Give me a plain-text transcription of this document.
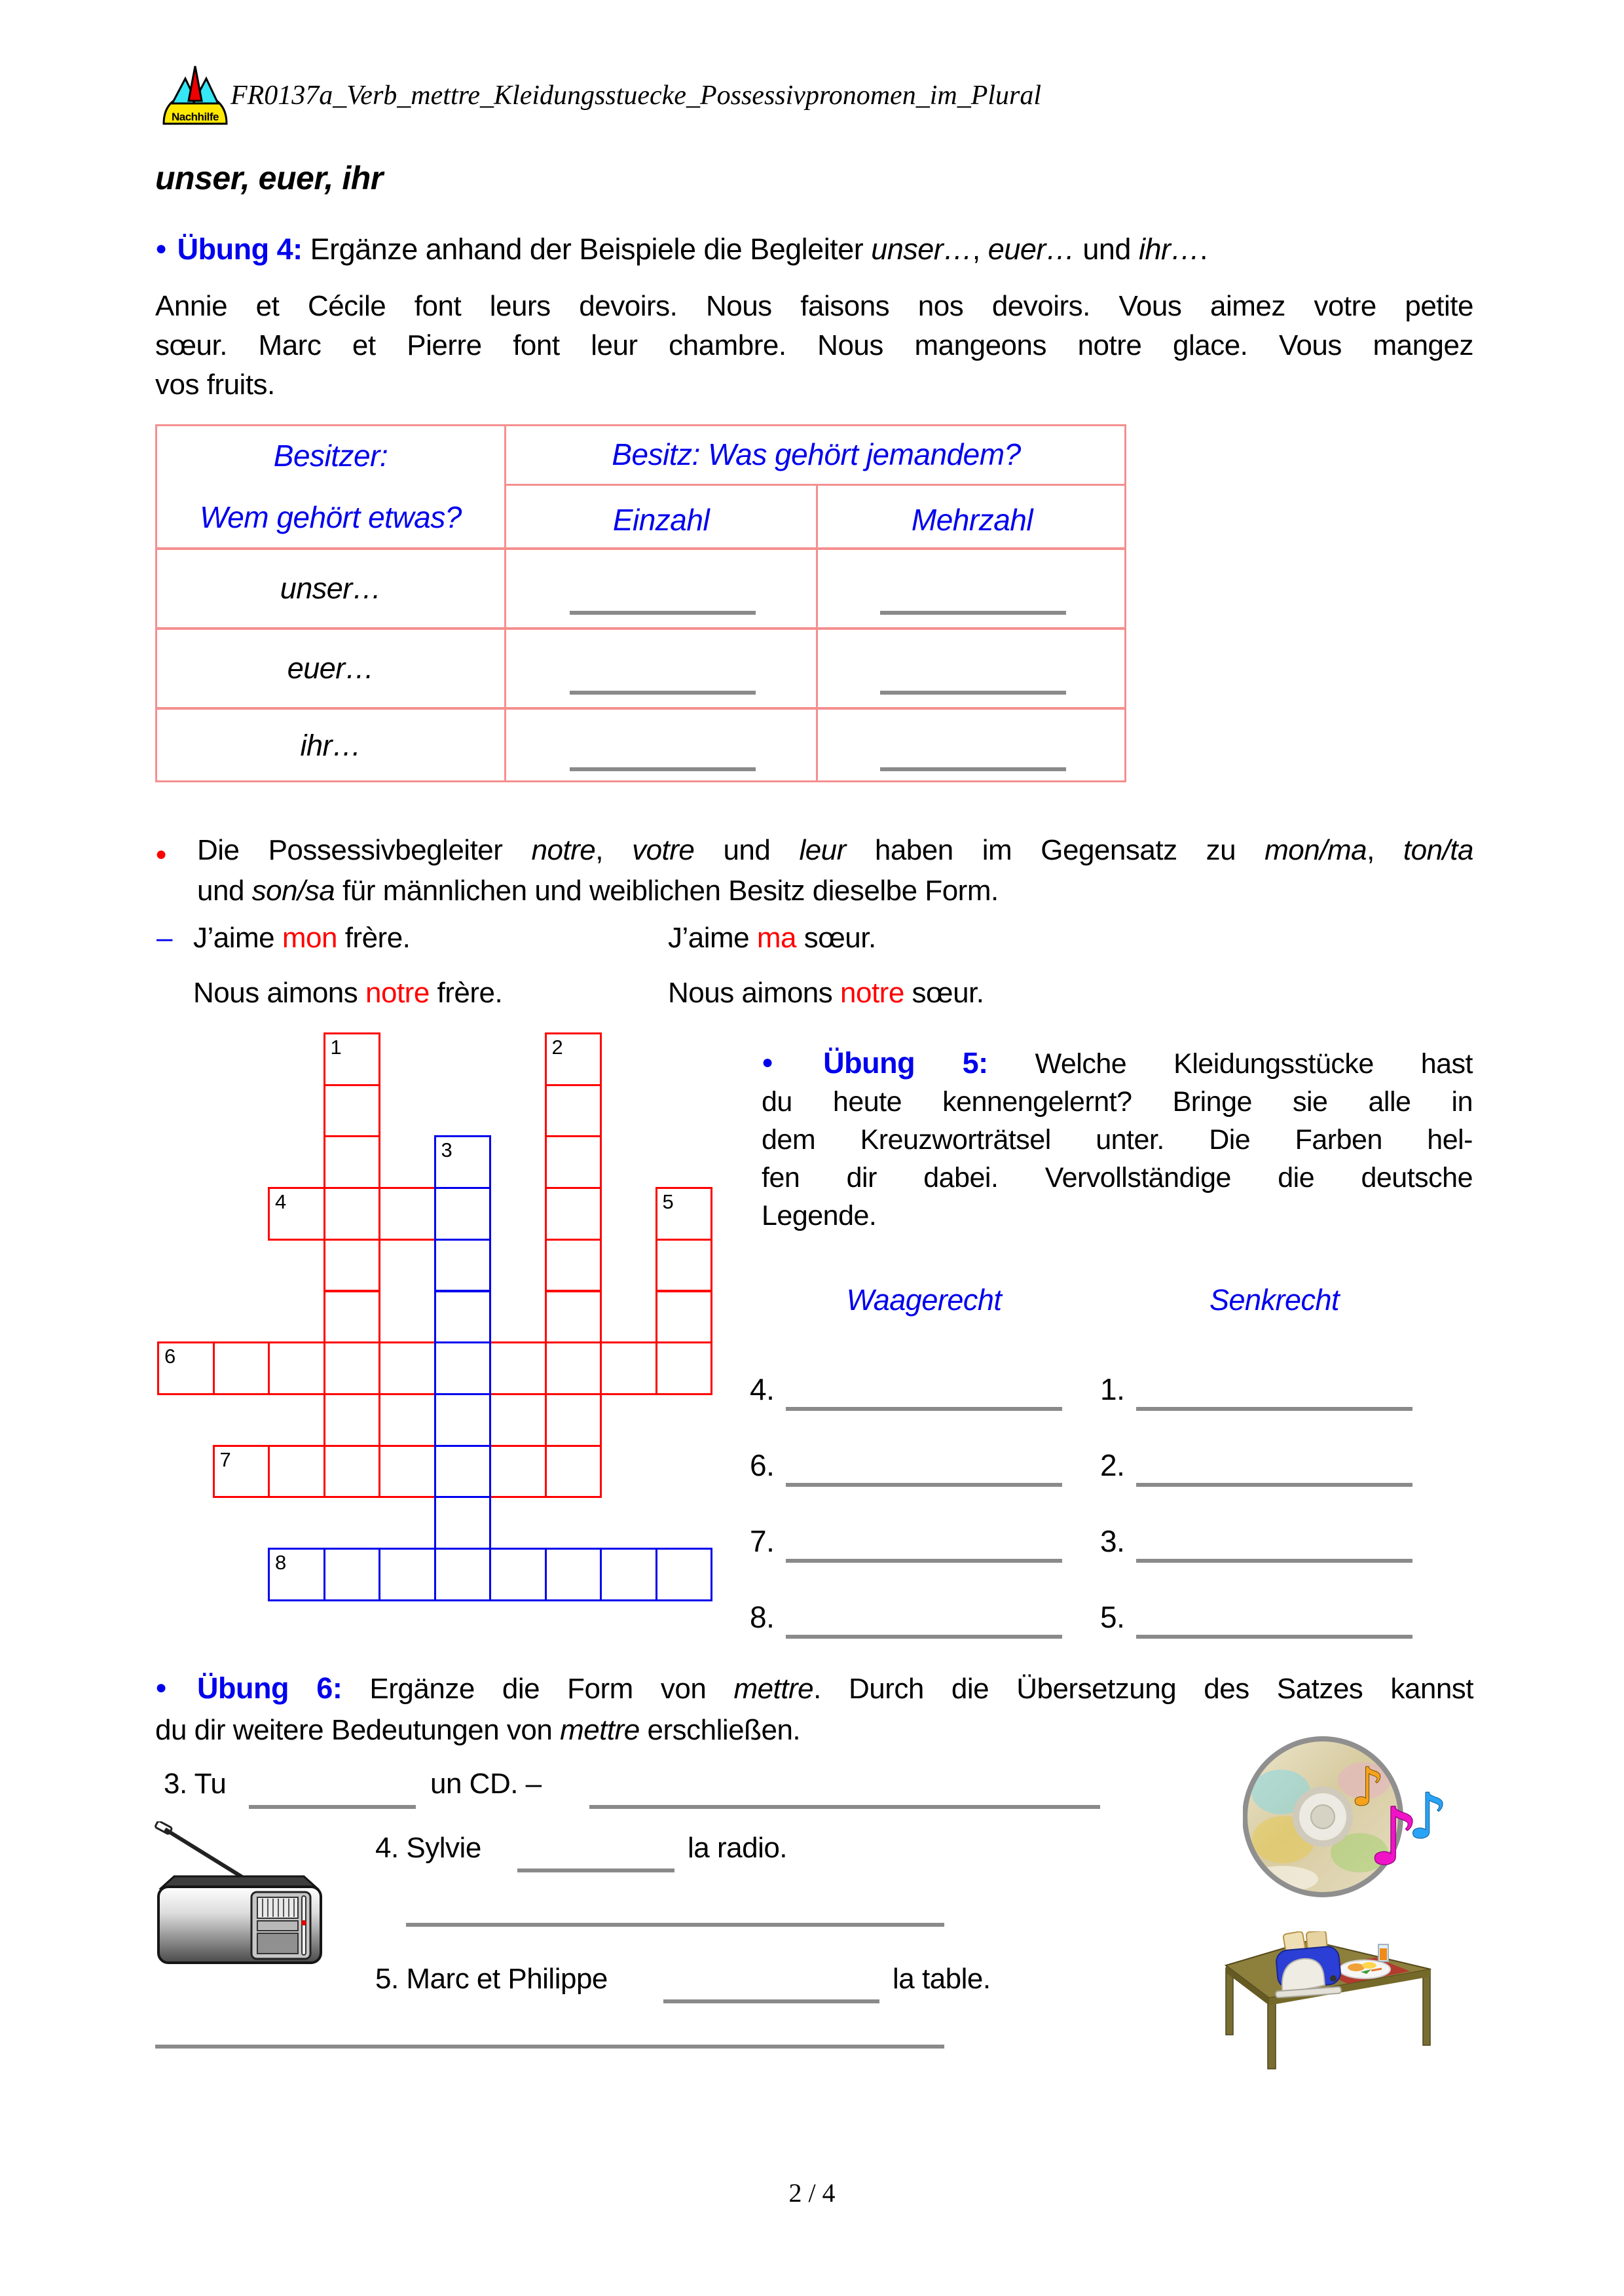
Nachhilfe
FR0137a_Verb_mettre_Kleidungsstuecke_Possessivpronomen_im_Plural
unser, euer, ihr
● Übung 4: Ergänze anhand der Beispiele die Begleiter unser…, euer… und ihr….
Annie et Cécile font leurs devoirs. Nous faisons nos devoirs. Vous aimez votre petite
sœur. Marc et Pierre font leur chambre. Nous mangeons notre glace. Vous mangez
vos fruits.
Besitzer:
Wem gehört etwas?
Besitz: Was gehört jemandem?
Einzahl	Mehrzahl
unser…
euer…
ihr…
● Die Possessivbegleiter notre, votre und leur haben im Gegensatz zu mon/ma, ton/ta
und son/sa für männlichen und weiblichen Besitz dieselbe Form.
– J’aime mon frère.	J’aime ma sœur.
Nous aimons notre frère.	Nous aimons notre sœur.
1	2
4	5
6
7
3
8
● Übung 5: Welche Kleidungsstücke hast
du heute kennengelernt? Bringe sie alle in
dem Kreuzworträtsel unter. Die Farben hel-
fen dir dabei. Vervollständige die deutsche
Legende.
Waagerecht	Senkrecht
4.	1.
6.	2.
7.	3.
8.	5.
● Übung 6: Ergänze die Form von mettre. Durch die Übersetzung des Satzes kannst
du dir weitere Bedeutungen von mettre erschließen.
3. Tu	un CD. –	♪ ♪
♪
4. Sylvie	la radio.
5. Marc et Philippe	la table.
2 / 4
